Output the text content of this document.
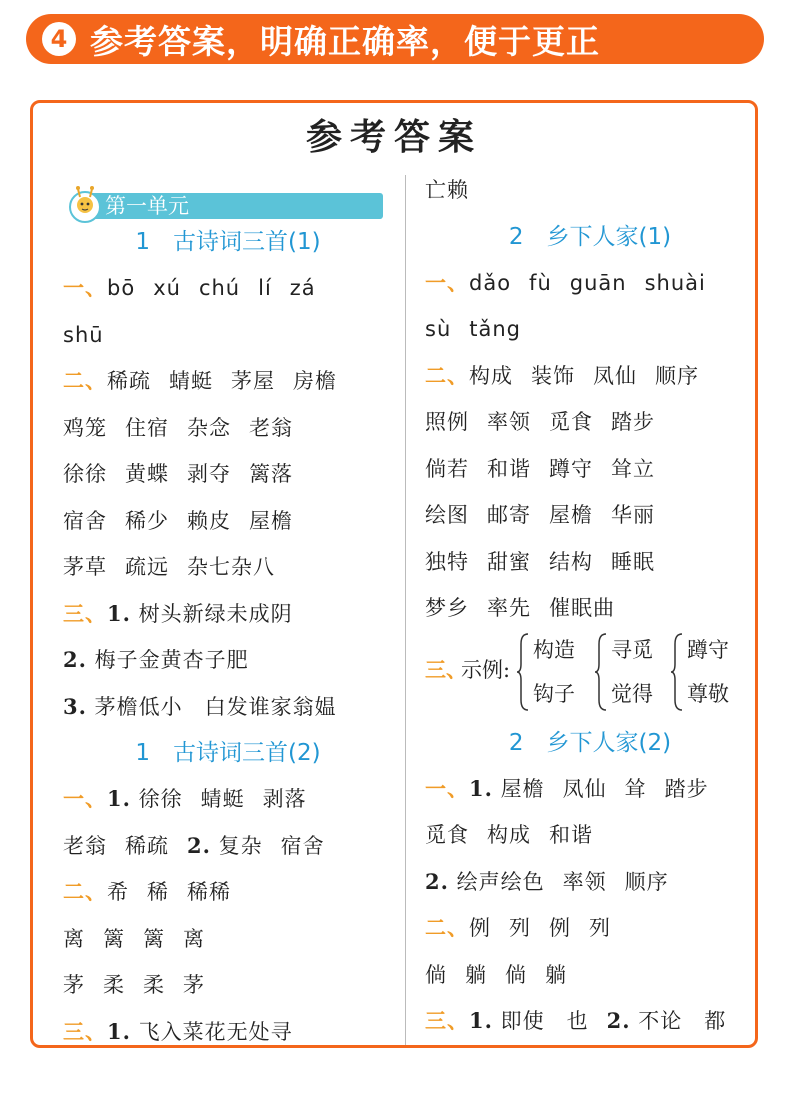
4 参考答案，明确正确率，便于更正
参考答案
第一单元
1　古诗词三首(1)
一、bō xú chú lí zá
shū
二、稀疏 蜻蜓 茅屋 房檐
鸡笼 住宿 杂念 老翁
徐徐 黄蝶 剥夺 篱落
宿舍 稀少 赖皮 屋檐
茅草 疏远 杂七杂八
三、1. 树头新绿未成阴
2. 梅子金黄杏子肥
3. 茅檐低小　白发谁家翁媪
1　古诗词三首(2)
一、1. 徐徐 蜻蜓 剥落
老翁 稀疏 2. 复杂 宿舍
二、希 稀 稀稀
离 篱 篱 离
茅 柔 柔 茅
三、1. 飞入菜花无处寻
亡赖
2　乡下人家(1)
一、dǎo fù guān shuài
sù tǎng
二、构成 装饰 凤仙 顺序
照例 率领 觅食 踏步
倘若 和谐 蹲守 耸立
绘图 邮寄 屋檐 华丽
独特 甜蜜 结构 睡眠
梦乡 率先 催眠曲
三、
示例:
构造
钩子
寻觅
觉得
蹲守
尊敬
2　乡下人家(2)
一、1. 屋檐 凤仙 耸 踏步
觅食 构成 和谐
2. 绘声绘色 率领 顺序
二、例 列 例 列
倘 躺 倘 躺
三、1. 即使　也 2. 不论　都
